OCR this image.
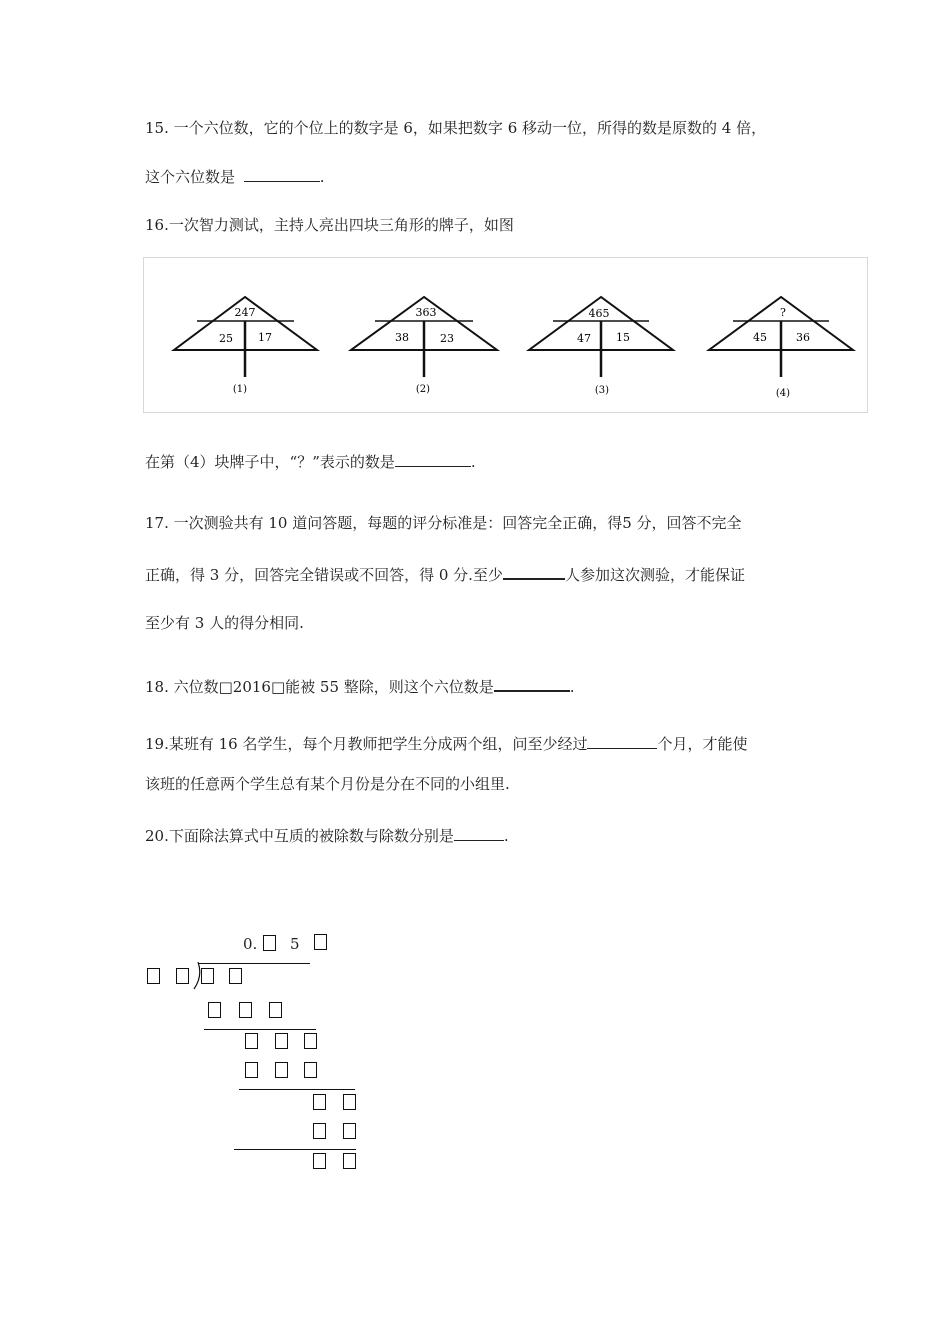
15. 一个六位数，它的个位上的数字是 6，如果把数字 6 移动一位，所得的数是原数的 4 倍，
这个六位数是	.
16.一次智力测试，主持人亮出四块三角形的牌子，如图
247
25 17
(1)
363
38	23
(2)
465
47 15
(3)
?
45	36
(4)
在第（4）块牌子中，“？”表示的数是	.
17. 一次测验共有 10 道问答题，每题的评分标准是：回答完全正确，得5 分，回答不完全
正确，得 3 分，回答完全错误或不回答，得 0 分.至少	人参加这次测验，才能保证
至少有 3 人的得分相同.
18. 六位数□2016□能被 55 整除，则这个六位数是	.
19.某班有 16 名学生，每个月教师把学生分成两个组，问至少经过	个月，才能使
该班的任意两个学生总有某个月份是分在不同的小组里.
20.下面除法算式中互质的被除数与除数分别是	.
0. 5
